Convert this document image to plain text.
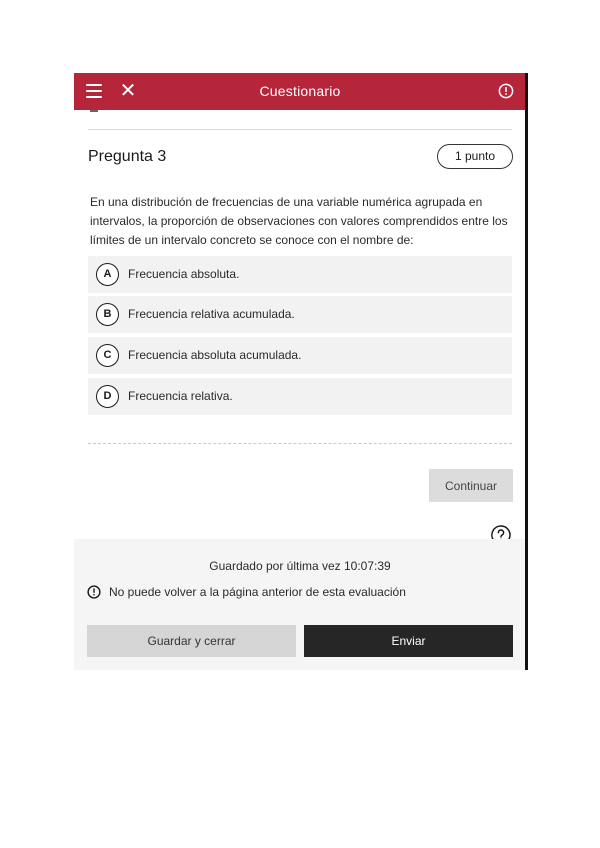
✕	Cuestionario
Pregunta 3	1 punto
En una distribución de frecuencias de una variable numérica agrupada en intervalos, la proporción de observaciones con valores comprendidos entre los límites de un intervalo concreto se conoce con el nombre de:
A	Frecuencia absoluta.
B	Frecuencia relativa acumulada.
C	Frecuencia absoluta acumulada.
D	Frecuencia relativa.
Continuar
Guardado por última vez 10:07:39
No puede volver a la página anterior de esta evaluación
Guardar y cerrar	Enviar
